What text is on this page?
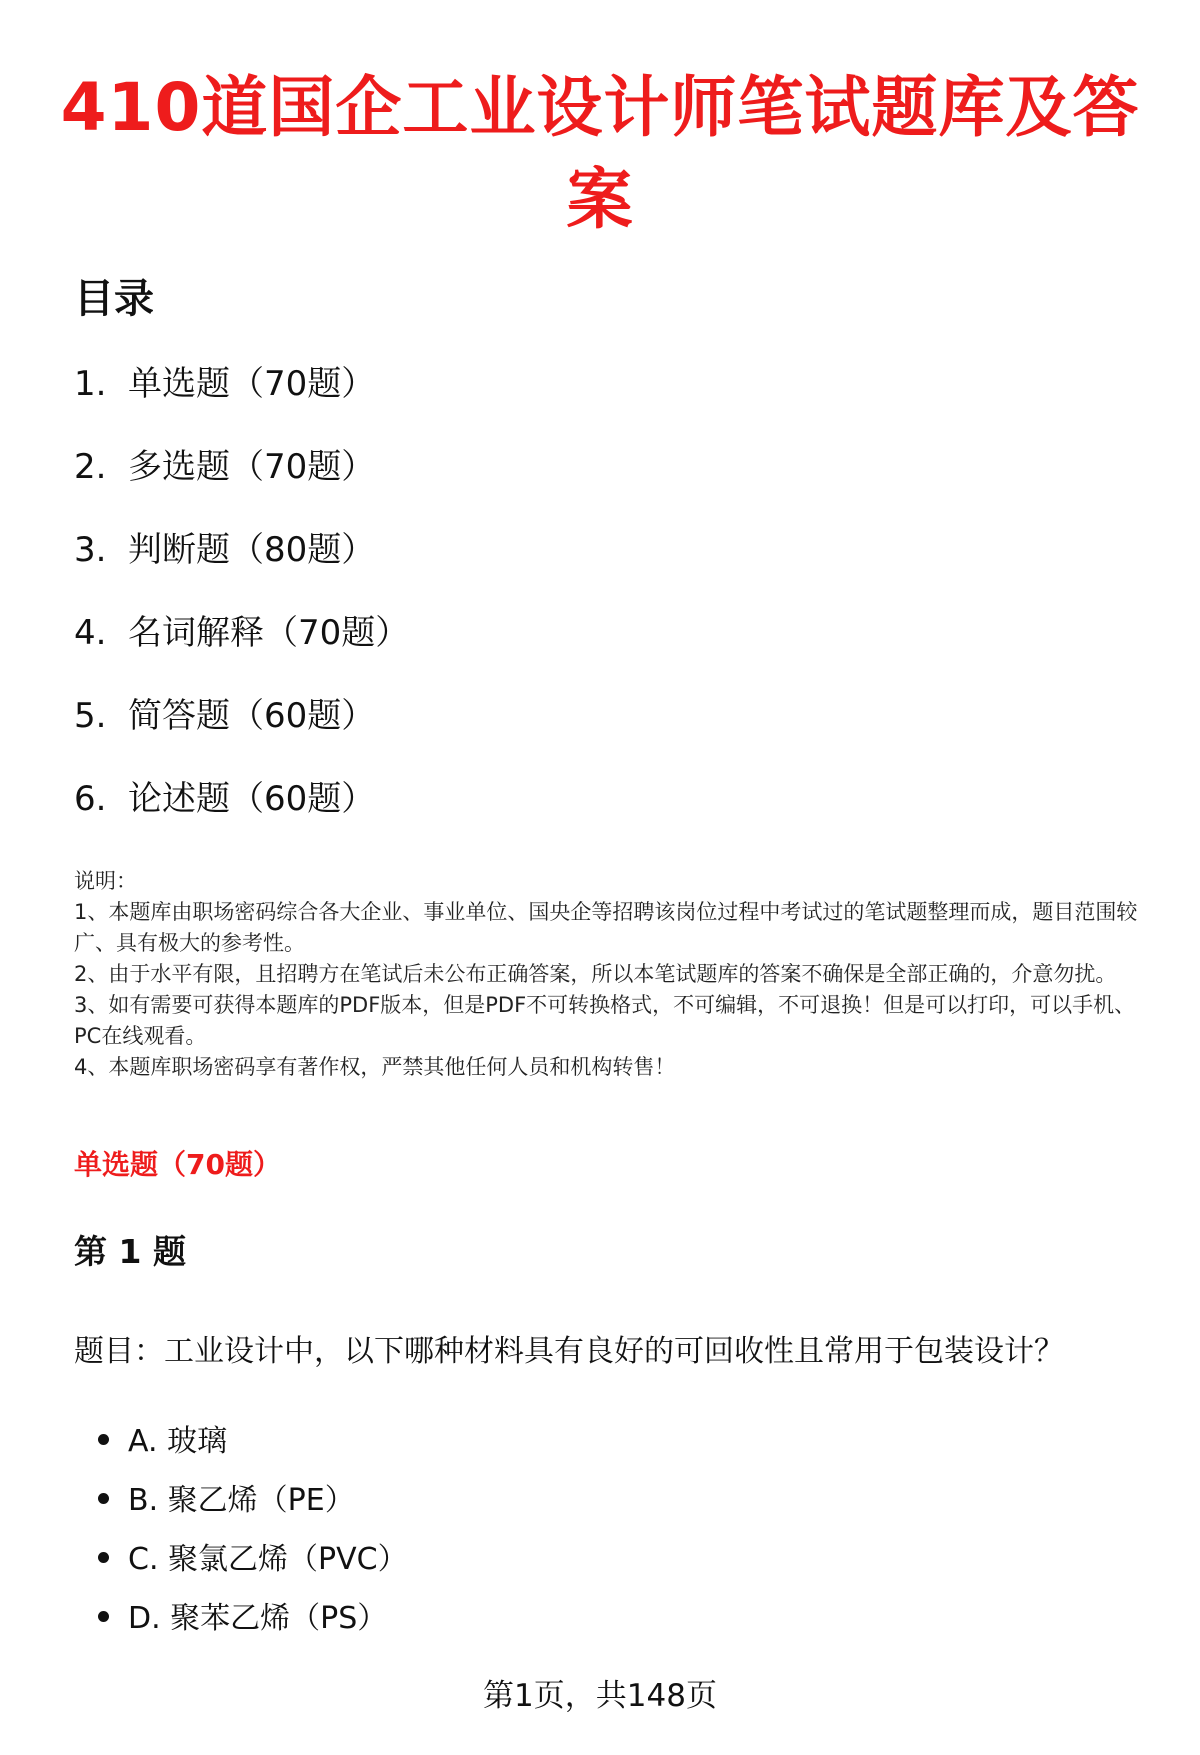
410道国企工业设计师笔试题库及答案
目录
1. 单选题（70题）
2. 多选题（70题）
3. 判断题（80题）
4. 名词解释（70题）
5. 简答题（60题）
6. 论述题（60题）

说明：

1、本题库由职场密码综合各大企业、事业单位、国央企等招聘该岗位过程中考试过的笔试题整理而成，题目范围较广、具有极大的参考性。

2、由于水平有限，且招聘方在笔试后未公布正确答案，所以本笔试题库的答案不确保是全部正确的，介意勿扰。

3、如有需要可获得本题库的PDF版本，但是PDF不可转换格式，不可编辑，不可退换！但是可以打印，可以手机、PC在线观看。

4、本题库职场密码享有著作权，严禁其他任何人员和机构转售！

单选题（70题）
第 1 题

题目：工业设计中，以下哪种材料具有良好的可回收性且常用于包装设计？

A. 玻璃
B. 聚乙烯（PE）
C. 聚氯乙烯（PVC）
D. 聚苯乙烯（PS）
第1页，共148页
